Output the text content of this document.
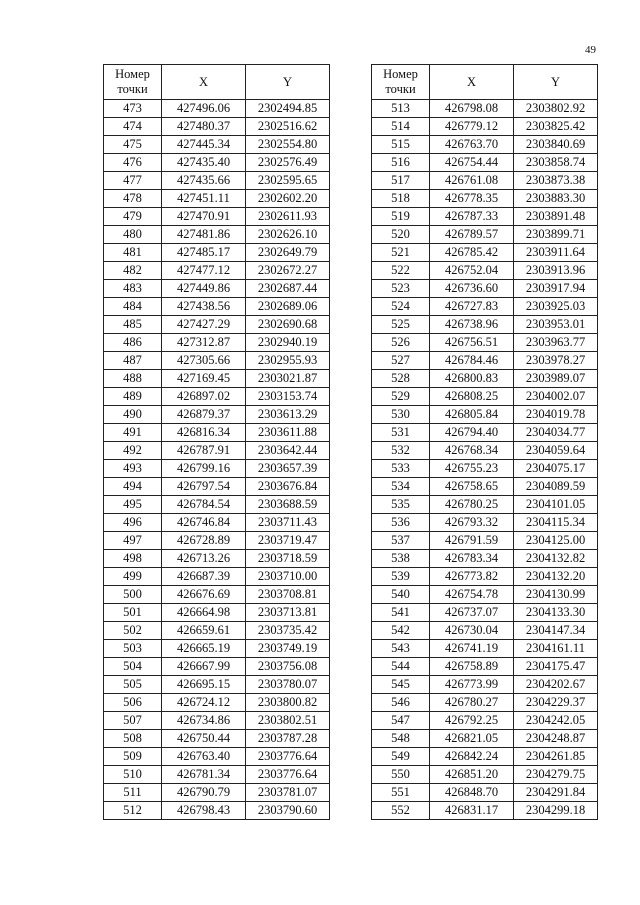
49
Номер
точки	X	Y
473	427496.06	2302494.85
474	427480.37	2302516.62
475	427445.34	2302554.80
476	427435.40	2302576.49
477	427435.66	2302595.65
478	427451.11	2302602.20
479	427470.91	2302611.93
480	427481.86	2302626.10
481	427485.17	2302649.79
482	427477.12	2302672.27
483	427449.86	2302687.44
484	427438.56	2302689.06
485	427427.29	2302690.68
486	427312.87	2302940.19
487	427305.66	2302955.93
488	427169.45	2303021.87
489	426897.02	2303153.74
490	426879.37	2303613.29
491	426816.34	2303611.88
492	426787.91	2303642.44
493	426799.16	2303657.39
494	426797.54	2303676.84
495	426784.54	2303688.59
496	426746.84	2303711.43
497	426728.89	2303719.47
498	426713.26	2303718.59
499	426687.39	2303710.00
500	426676.69	2303708.81
501	426664.98	2303713.81
502	426659.61	2303735.42
503	426665.19	2303749.19
504	426667.99	2303756.08
505	426695.15	2303780.07
506	426724.12	2303800.82
507	426734.86	2303802.51
508	426750.44	2303787.28
509	426763.40	2303776.64
510	426781.34	2303776.64
511	426790.79	2303781.07
512	426798.43	2303790.60
Номер
точки	X	Y
513	426798.08	2303802.92
514	426779.12	2303825.42
515	426763.70	2303840.69
516	426754.44	2303858.74
517	426761.08	2303873.38
518	426778.35	2303883.30
519	426787.33	2303891.48
520	426789.57	2303899.71
521	426785.42	2303911.64
522	426752.04	2303913.96
523	426736.60	2303917.94
524	426727.83	2303925.03
525	426738.96	2303953.01
526	426756.51	2303963.77
527	426784.46	2303978.27
528	426800.83	2303989.07
529	426808.25	2304002.07
530	426805.84	2304019.78
531	426794.40	2304034.77
532	426768.34	2304059.64
533	426755.23	2304075.17
534	426758.65	2304089.59
535	426780.25	2304101.05
536	426793.32	2304115.34
537	426791.59	2304125.00
538	426783.34	2304132.82
539	426773.82	2304132.20
540	426754.78	2304130.99
541	426737.07	2304133.30
542	426730.04	2304147.34
543	426741.19	2304161.11
544	426758.89	2304175.47
545	426773.99	2304202.67
546	426780.27	2304229.37
547	426792.25	2304242.05
548	426821.05	2304248.87
549	426842.24	2304261.85
550	426851.20	2304279.75
551	426848.70	2304291.84
552	426831.17	2304299.18
